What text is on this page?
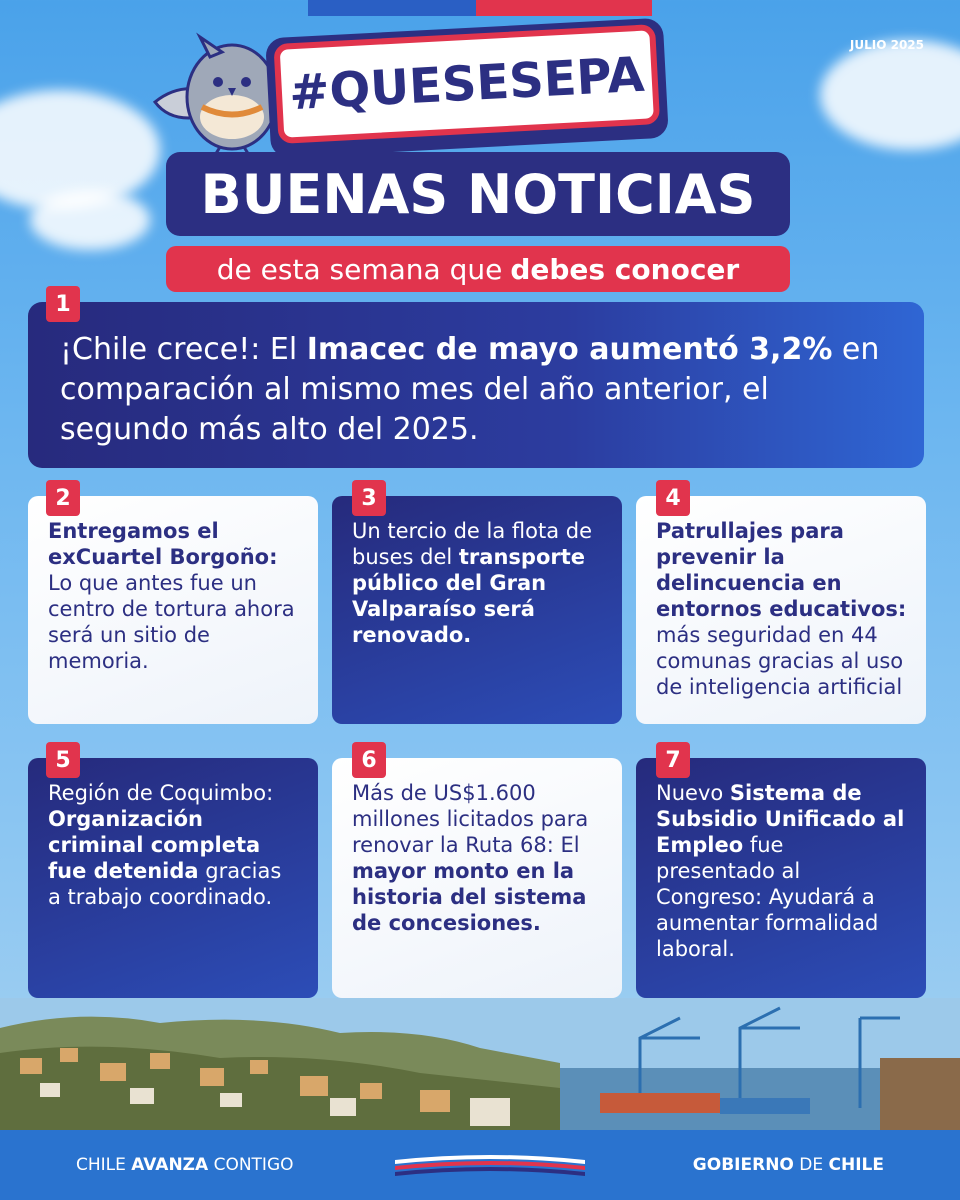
JULIO 2025
#QUESESEPA
BUENAS NOTICIAS
de esta semana que debes conocer
¡Chile crece!: El Imacec de mayo aumentó 3,2% en comparación al mismo mes del año anterior, el segundo más alto del 2025.
1
Entregamos el exCuartel Borgoño: Lo que antes fue un centro de tortura ahora será un sitio de memoria.
2
Un tercio de la flota de buses del transporte público del Gran Valparaíso será renovado.
3
Patrullajes para prevenir la delincuencia en entornos educativos: más seguridad en 44 comunas gracias al uso de inteligencia artificial
4
Región de Coquimbo: Organización criminal completa fue detenida gracias a trabajo coordinado.
5
Más de US$1.600 millones licitados para renovar la Ruta 68: El mayor monto en la historia del sistema de concesiones.
6
Nuevo Sistema de Subsidio Unificado al Empleo fue presentado al Congreso: Ayudará a aumentar formalidad laboral.
7
CHILE AVANZA CONTIGO	GOBIERNO DE CHILE
